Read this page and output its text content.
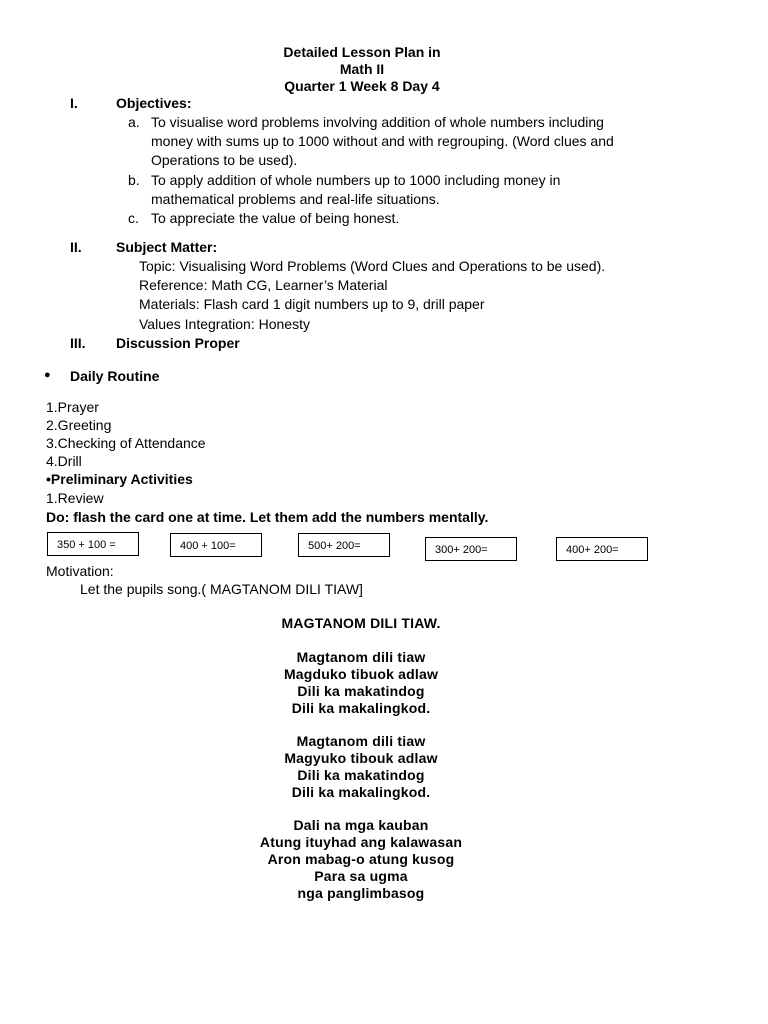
Detailed Lesson Plan in
Math II
Quarter 1 Week 8 Day 4
I.	Objectives:
a. To visualise word problems involving addition of whole numbers including
money with sums up to 1000 without and with regrouping. (Word clues and
Operations to be used).
b. To apply addition of whole numbers up to 1000 including money in
mathematical problems and real-life situations.
c. To appreciate the value of being honest.
II. Subject Matter:
Topic: Visualising Word Problems (Word Clues and Operations to be used).
Reference: Math CG, Learner’s Material
Materials: Flash card 1 digit numbers up to 9, drill paper
Values Integration: Honesty
III. Discussion Proper
● Daily Routine
1.Prayer
2.Greeting
3.Checking of Attendance
4.Drill
•Preliminary Activities
1.Review
Do: flash the card one at time. Let them add the numbers mentally.
350 + 100 =	400 + 100=	500+ 200=	300+ 200=	400+ 200=
Motivation:
Let the pupils song.( MAGTANOM DILI TIAW]
MAGTANOM DILI TIAW.
Magtanom dili tiaw
Magduko tibuok adlaw
Dili ka makatindog
Dili ka makalingkod.
Magtanom dili tiaw
Magyuko tibouk adlaw
Dili ka makatindog
Dili ka makalingkod.
Dali na mga kauban
Atung ituyhad ang kalawasan
Aron mabag-o atung kusog
Para sa ugma
nga panglimbasog
